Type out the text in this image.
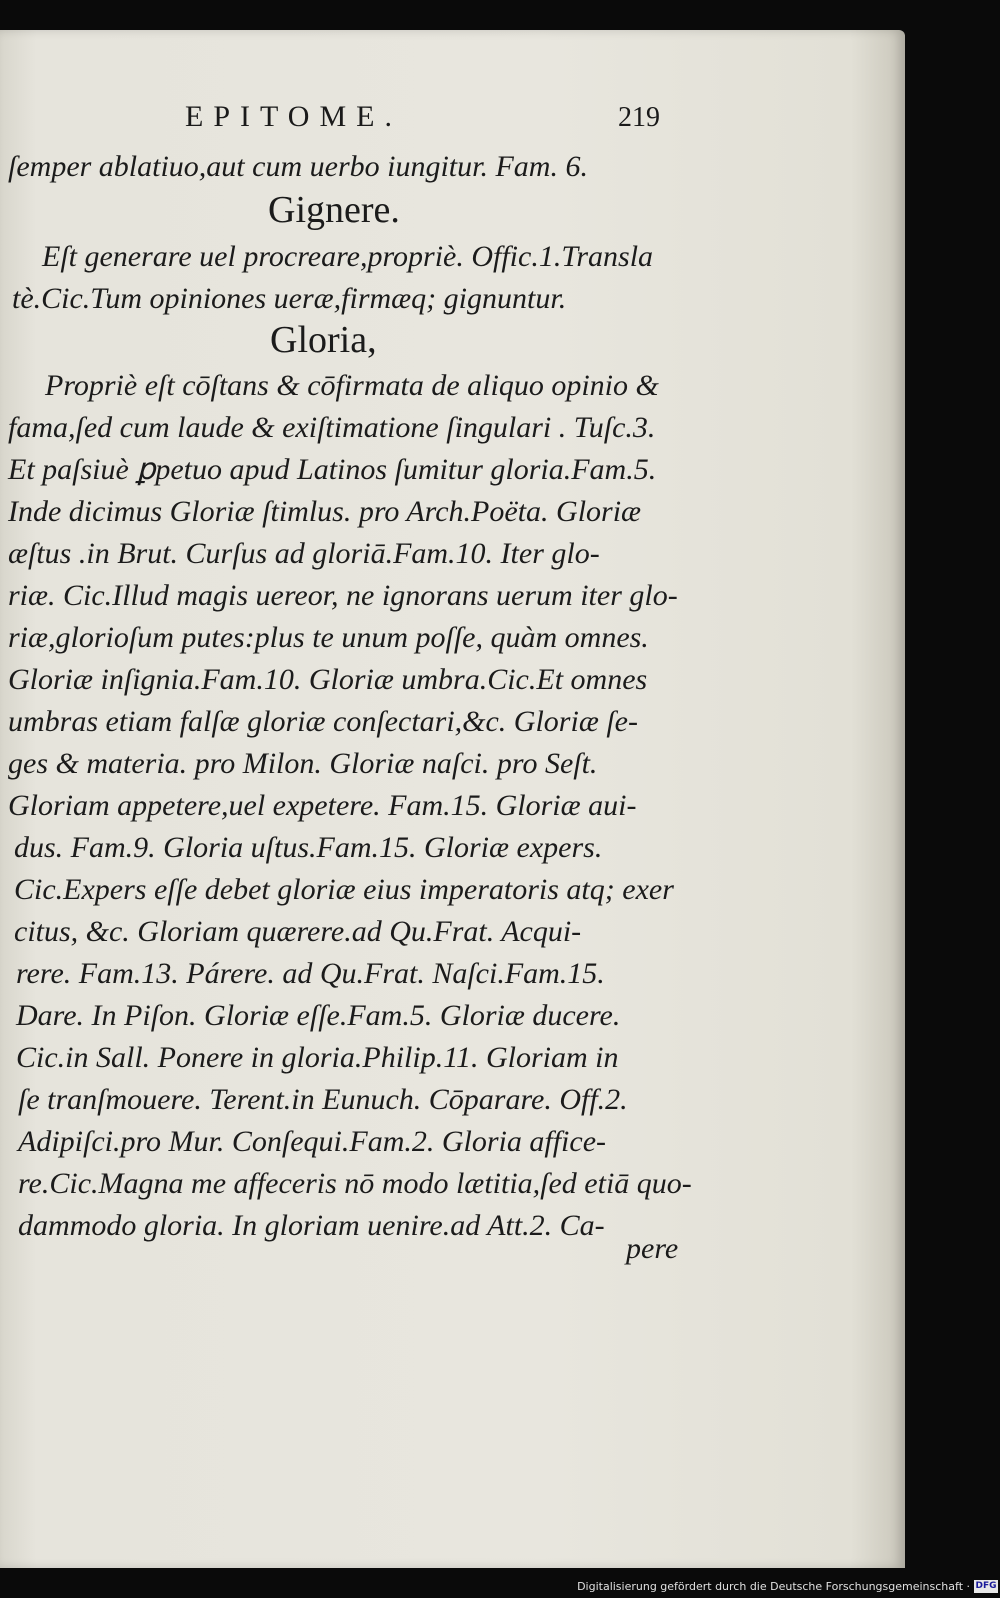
EPITOME.	219
ſemper ablatiuo,aut cum uerbo iungitur. Fam. 6.
Gignere.
Eſt generare uel procreare,propriè. Offic.1.Transla
tè.Cic.Tum opiniones ueræ,firmæq; gignuntur.
Gloria,
Propriè eſt cōſtans & cōfirmata de aliquo opinio &
fama,ſed cum laude & exiſtimatione ſingulari . Tuſc.3.
Et paſsiuè ꝑpetuo apud Latinos ſumitur gloria.Fam.5.
Inde dicimus Gloriæ ſtimlus. pro Arch.Poëta. Gloriæ
æſtus .in Brut. Curſus ad gloriā.Fam.10. Iter glo-
riæ. Cic.Illud magis uereor, ne ignorans uerum iter glo-
riæ,glorioſum putes:plus te unum poſſe, quàm omnes.
Gloriæ inſignia.Fam.10. Gloriæ umbra.Cic.Et omnes
umbras etiam falſæ gloriæ conſectari,&c. Gloriæ ſe-
ges & materia. pro Milon. Gloriæ naſci. pro Seſt.
Gloriam appetere,uel expetere. Fam.15. Gloriæ aui-
dus. Fam.9. Gloria uſtus.Fam.15. Gloriæ expers.
Cic.Expers eſſe debet gloriæ eius imperatoris atq; exer
citus, &c. Gloriam quærere.ad Qu.Frat. Acqui-
rere. Fam.13. Párere. ad Qu.Frat. Naſci.Fam.15.
Dare. In Piſon. Gloriæ eſſe.Fam.5. Gloriæ ducere.
Cic.in Sall. Ponere in gloria.Philip.11. Gloriam in
ſe tranſmouere. Terent.in Eunuch. Cōparare. Off.2.
Adipiſci.pro Mur. Conſequi.Fam.2. Gloria affice-
re.Cic.Magna me affeceris nō modo lætitia,ſed etiā quo-
dammodo gloria. In gloriam uenire.ad Att.2. Ca-
pere
Digitalisierung gefördert durch die Deutsche Forschungsgemeinschaft · DFG
